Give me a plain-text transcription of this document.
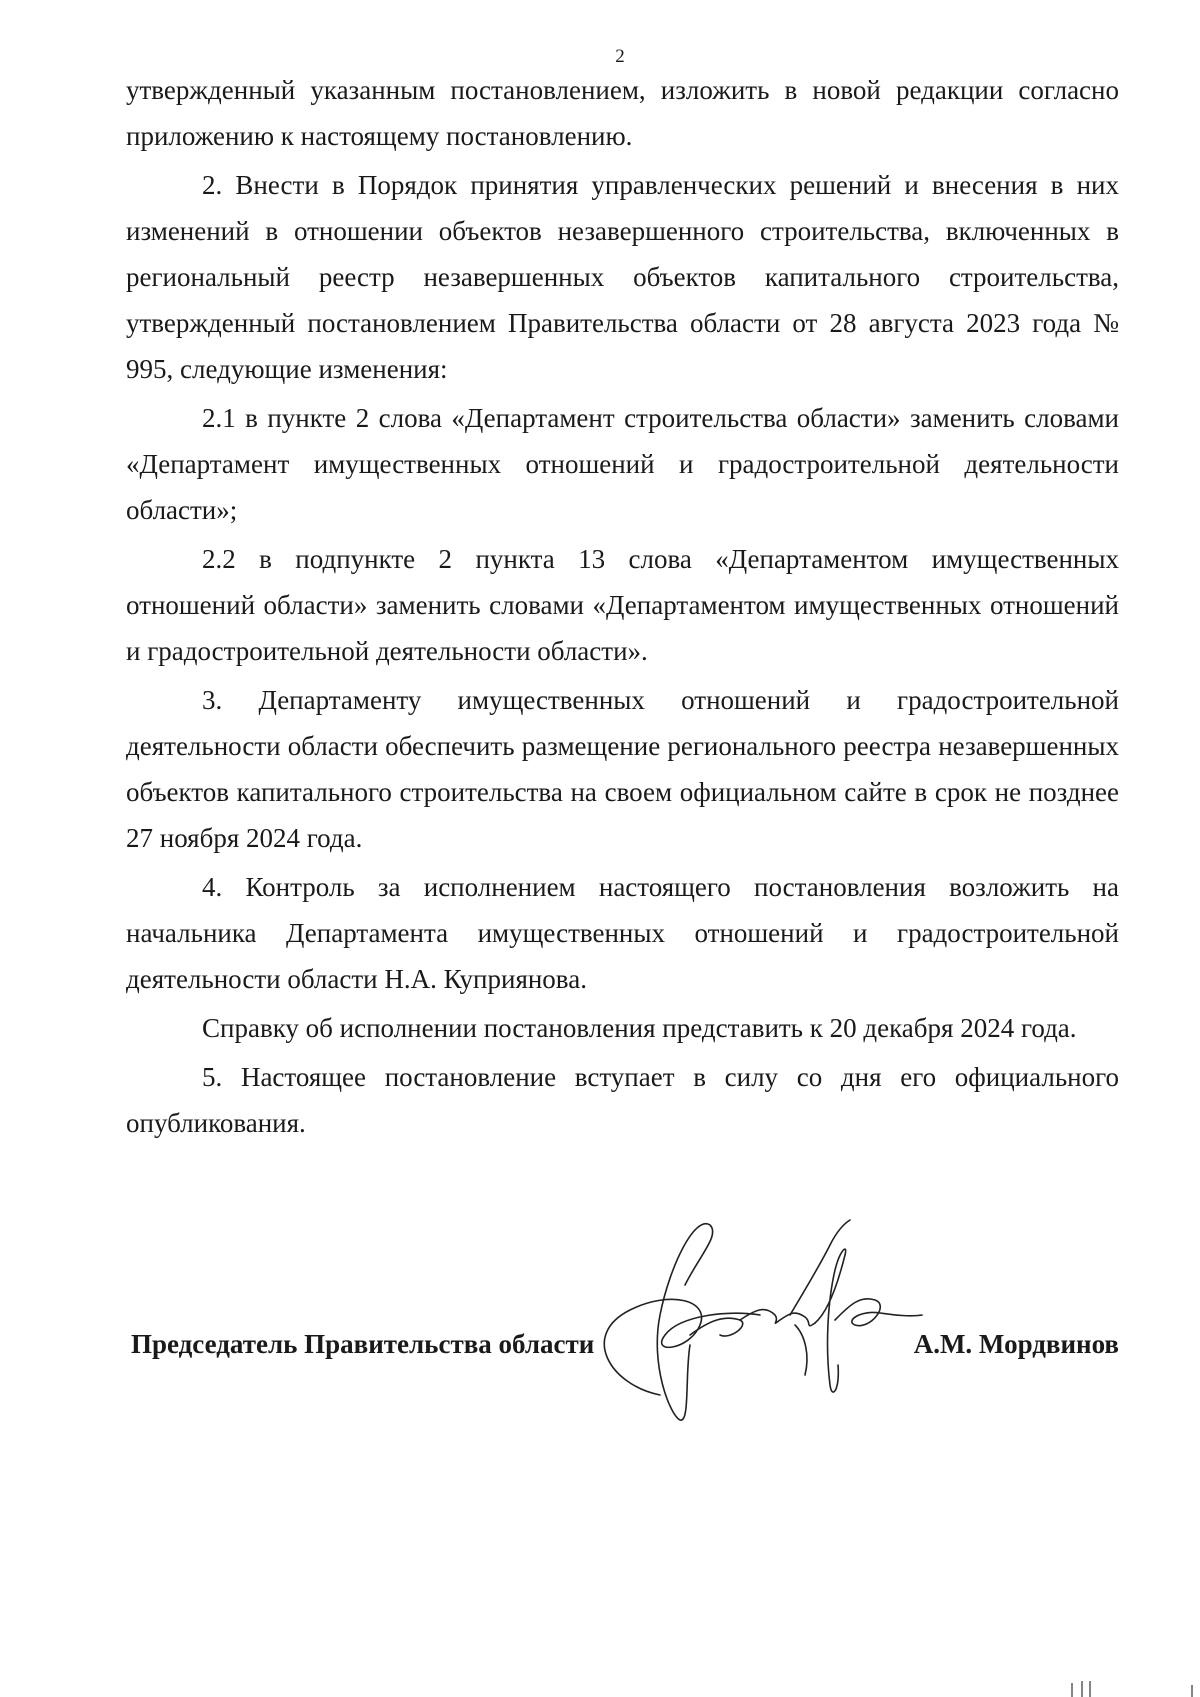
2

утвержденный указанным постановлением, изложить в новой редакции согласно приложению к настоящему постановлению.

2. Внести в Порядок принятия управленческих решений и внесения в них изменений в отношении объектов незавершенного строительства, включенных в региональный реестр незавершенных объектов капитального строительства, утвержденный постановлением Правительства области от 28 августа 2023 года № 995, следующие изменения:

2.1 в пункте 2 слова «Департамент строительства области» заменить словами «Департамент имущественных отношений и градостроительной деятельности области»;

2.2 в подпункте 2 пункта 13 слова «Департаментом имущественных отношений области» заменить словами «Департаментом имущественных отношений и градостроительной деятельности области».

3. Департаменту имущественных отношений и градостроительной деятельности области обеспечить размещение регионального реестра незавершенных объектов капитального строительства на своем официальном сайте в срок не позднее 27 ноября 2024 года.

4. Контроль за исполнением настоящего постановления возложить на начальника Департамента имущественных отношений и градостроительной деятельности области Н.А. Куприянова.

Справку об исполнении постановления представить к 20 декабря 2024 года.

5. Настоящее постановление вступает в силу со дня его официального опубликования.

Председатель Правительства области	А.М. Мордвинов
